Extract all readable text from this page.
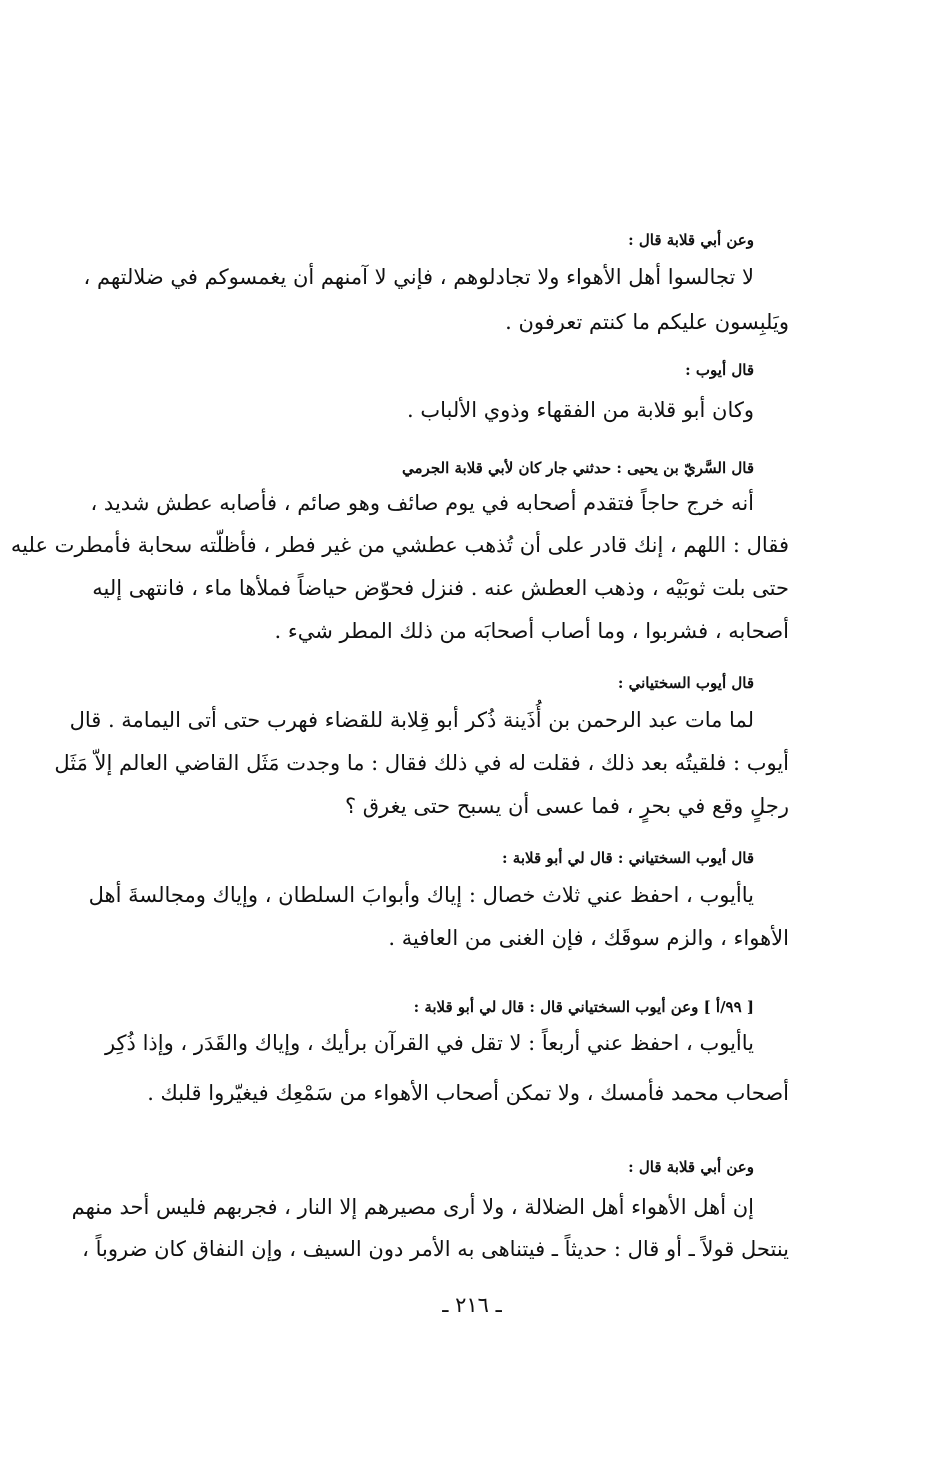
وعن أبي قلابة قال :
لا تجالسوا أهل الأهواء ولا تجادلوهم ، فإني لا آمنهم أن يغمسوكم في ضلالتهم ،
ويَلبِسون عليكم ما كنتم تعرفون .
قال أيوب :
وكان أبو قلابة من الفقهاء وذوي الألباب .
قال السَّريّ بن يحيى : حدثني جار كان لأبي قلابة الجرمي
أنه خرج حاجاً فتقدم أصحابه في يوم صائف وهو صائم ، فأصابه عطش شديد ،
فقال : اللهم ، إنك قادر على أن تُذهب عطشي من غير فطر ، فأظلّته سحابة فأمطرت عليه
حتى بلت ثوبَيْه ، وذهب العطش عنه . فنزل فحوّض حياضاً فملأها ماء ، فانتهى إليه
أصحابه ، فشربوا ، وما أصاب أصحابَه من ذلك المطر شيء .
قال أيوب السختياني :
لما مات عبد الرحمن بن أُذَينة ذُكر أبو قِلابة للقضاء فهرب حتى أتى اليمامة . قال
أيوب : فلقيتُه بعد ذلك ، فقلت له في ذلك فقال : ما وجدت مَثَل القاضي العالم إلاّ مَثَل
رجلٍ وقع في بحرٍ ، فما عسى أن يسبح حتى يغرق ؟
قال أيوب السختياني : قال لي أبو قلابة :
ياأيوب ، احفظ عني ثلاث خصال : إياك وأبوابَ السلطان ، وإياك ومجالسةَ أهل
الأهواء ، والزم سوقَك ، فإن الغنى من العافية .
[ ٩٩/أ ] وعن أيوب السختياني قال : قال لي أبو قلابة :
ياأيوب ، احفظ عني أربعاً : لا تقل في القرآن برأيك ، وإياك والقَدَر ، وإذا ذُكِر
أصحاب محمد فأمسك ، ولا تمكن أصحاب الأهواء من سَمْعِك فيغيّروا قلبك .
وعن أبي قلابة قال :
إن أهل الأهواء أهل الضلالة ، ولا أرى مصيرهم إلا النار ، فجربهم فليس أحد منهم
ينتحل قولاً ـ أو قال : حديثاً ـ فيتناهى به الأمر دون السيف ، وإن النفاق كان ضروباً ،
ـ ٢١٦ ـ
